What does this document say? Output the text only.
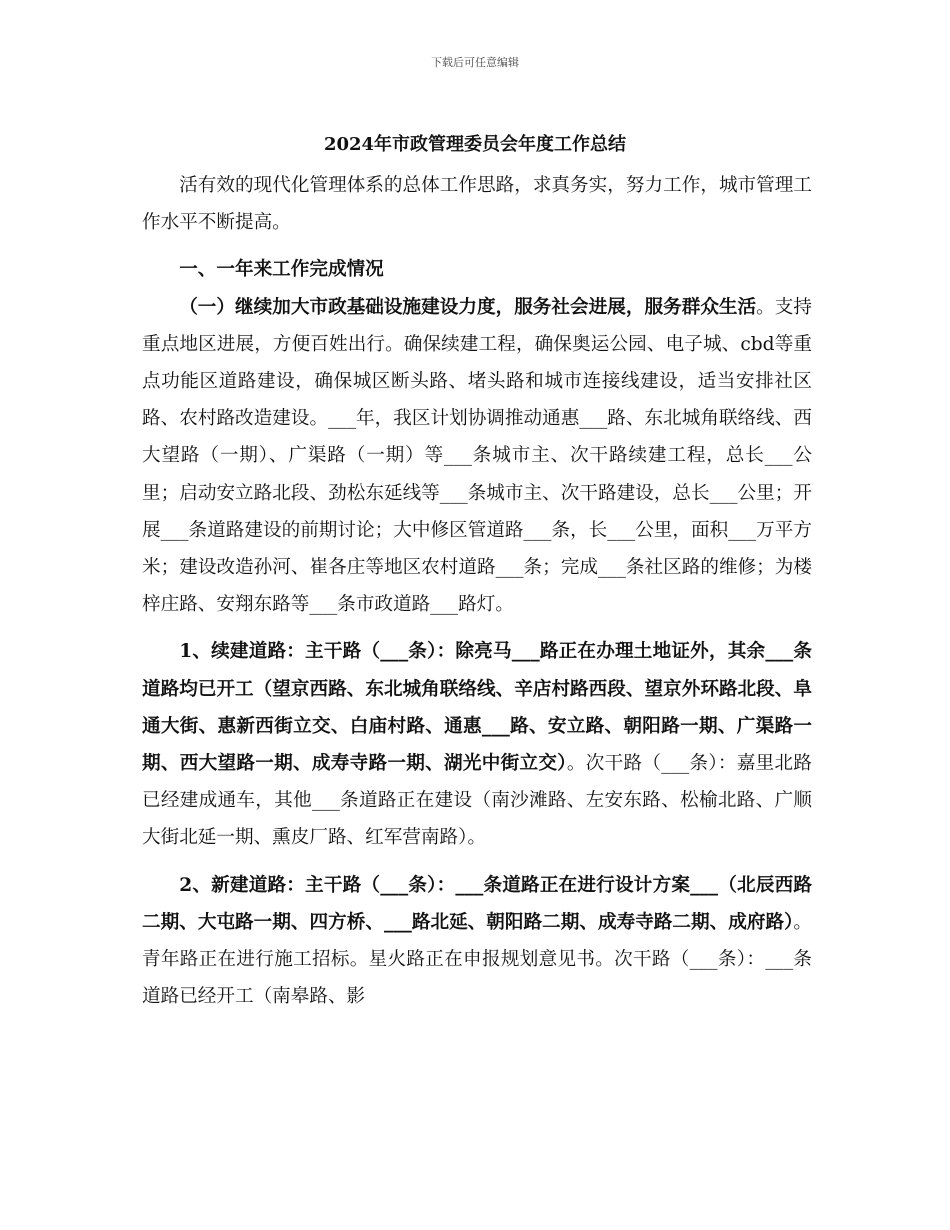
下载后可任意编辑
2024年市政管理委员会年度工作总结

活有效的现代化管理体系的总体工作思路，求真务实，努力工作，城市管理工作水平不断提高。

一、一年来工作完成情况

（一）继续加大市政基础设施建设力度，服务社会进展，服务群众生活。支持重点地区进展，方便百姓出行。确保续建工程，确保奥运公园、电子城、cbd等重点功能区道路建设，确保城区断头路、堵头路和城市连接线建设，适当安排社区路、农村路改造建设。___年，我区计划协调推动通惠___路、东北城角联络线、西大望路（一期）、广渠路（一期）等___条城市主、次干路续建工程，总长___公里；启动安立路北段、劲松东延线等___条城市主、次干路建设，总长___公里；开展___条道路建设的前期讨论；大中修区管道路___条，长___公里，面积___万平方米；建设改造孙河、崔各庄等地区农村道路___条；完成___条社区路的维修；为楼梓庄路、安翔东路等___条市政道路___路灯。

1、续建道路：主干路（___条）：除亮马___路正在办理土地证外，其余___条道路均已开工（望京西路、东北城角联络线、辛店村路西段、望京外环路北段、阜通大街、惠新西街立交、白庙村路、通惠___路、安立路、朝阳路一期、广渠路一期、西大望路一期、成寿寺路一期、湖光中街立交）。次干路（___条）：嘉里北路已经建成通车，其他___条道路正在建设（南沙滩路、左安东路、松榆北路、广顺大街北延一期、熏皮厂路、红军营南路）。

2、新建道路：主干路（___条）：___条道路正在进行设计方案___（北辰西路二期、大屯路一期、四方桥、___路北延、朝阳路二期、成寿寺路二期、成府路）。青年路正在进行施工招标。星火路正在申报规划意见书。次干路（___条）：___条道路已经开工（南皋路、影
